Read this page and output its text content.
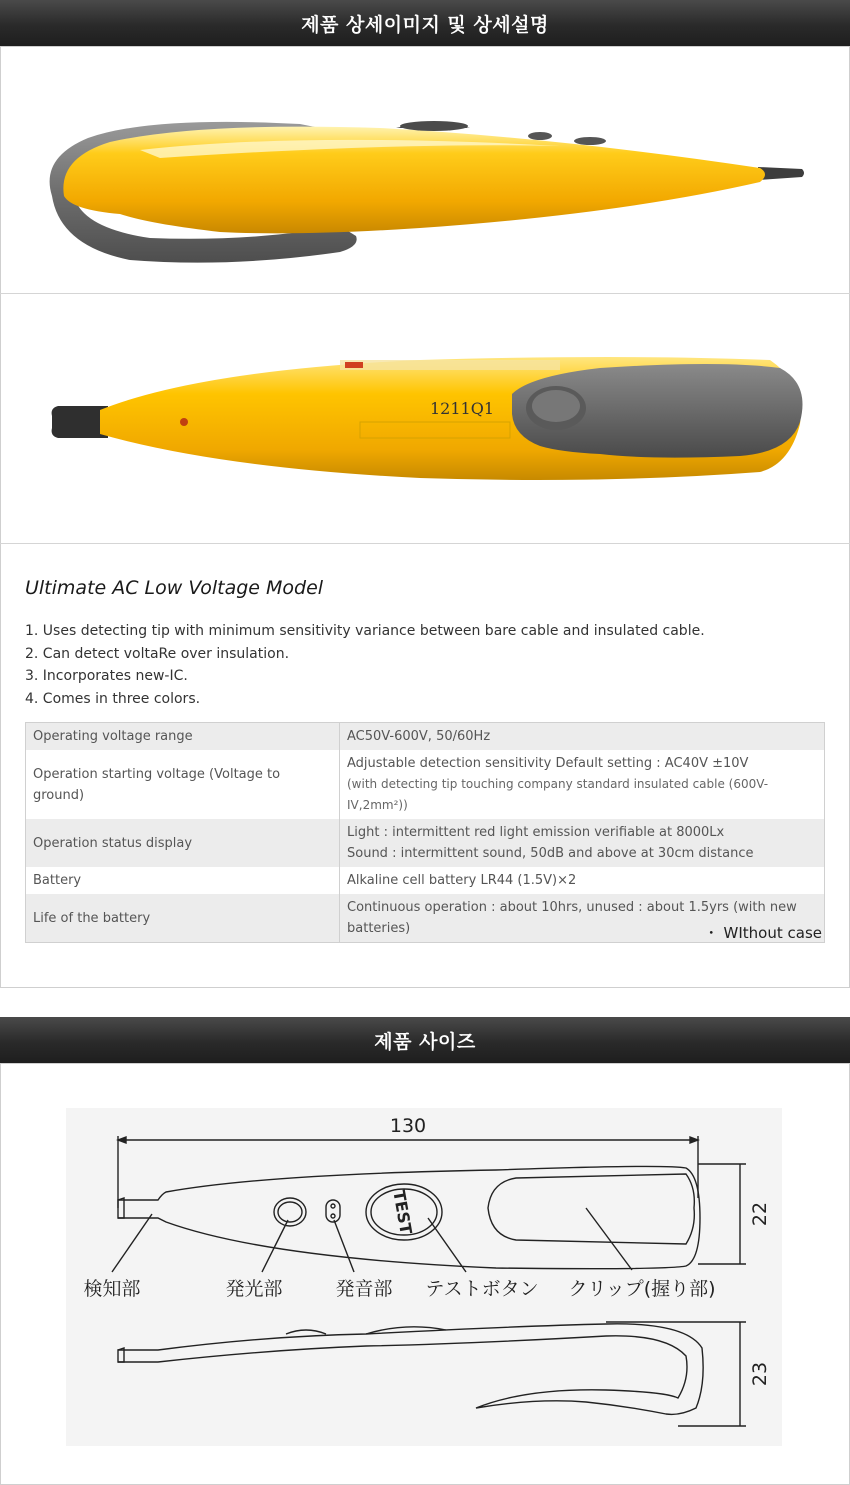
제품 상세이미지 및 상세설명
1211Q1
Ultimate AC Low Voltage Model
1. Uses detecting tip with minimum sensitivity variance between bare cable and insulated cable.
2. Can detect voltaRe over insulation.
3. Incorporates new-IC.
4. Comes in three colors.
Operating voltage range	AC50V-600V, 50/60Hz
Operation starting voltage (Voltage to ground)	Adjustable detection sensitivity Default setting : AC40V ±10V
(with detecting tip touching company standard insulated cable (600V-IV,2mm²))

Operation status display	Light : intermittent red light emission verifiable at 8000Lx
Sound : intermittent sound, 50dB and above at 30cm distance

Battery	Alkaline cell battery LR44 (1.5V)×2
Life of the battery	Continuous operation : about 10hrs, unused : about 1.5yrs (with new batteries)	・ WIthout case
제품 사이즈
TEST
130
22
23
検知部	発光部	発音部 テストボタン クリップ(握り部)
